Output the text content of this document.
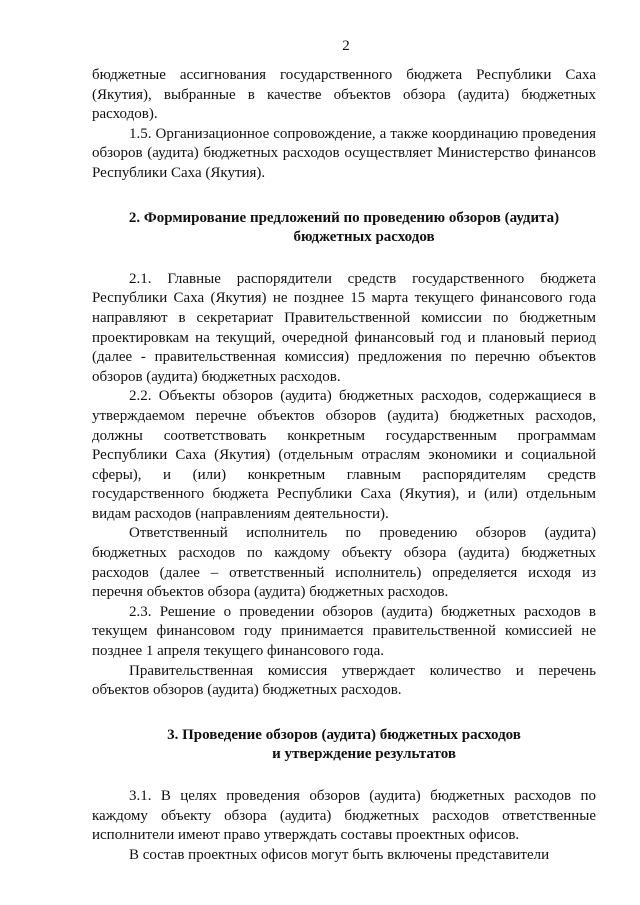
2

бюджетные ассигнования государственного бюджета Республики Саха (Якутия), выбранные в качестве объектов обзора (аудита) бюджетных расходов).

1.5. Организационное сопровождение, а также координацию проведения обзоров (аудита) бюджетных расходов осуществляет Министерство финансов Республики Саха (Якутия).

2. Формирование предложений по проведению обзоров (аудита)
бюджетных расходов

2.1. Главные распорядители средств государственного бюджета Республики Саха (Якутия) не позднее 15 марта текущего финансового года направляют в секретариат Правительственной комиссии по бюджетным проектировкам на текущий, очередной финансовый год и плановый период (далее - правительственная комиссия) предложения по перечню объектов обзоров (аудита) бюджетных расходов.

2.2. Объекты обзоров (аудита) бюджетных расходов, содержащиеся в утверждаемом перечне объектов обзоров (аудита) бюджетных расходов, должны соответствовать конкретным государственным программам Республики Саха (Якутия) (отдельным отраслям экономики и социальной сферы), и (или) конкретным главным распорядителям средств государственного бюджета Республики Саха (Якутия), и (или) отдельным видам расходов (направлениям деятельности).

Ответственный исполнитель по проведению обзоров (аудита) бюджетных расходов по каждому объекту обзора (аудита) бюджетных расходов (далее – ответственный исполнитель) определяется исходя из перечня объектов обзора (аудита) бюджетных расходов.

2.3. Решение о проведении обзоров (аудита) бюджетных расходов в текущем финансовом году принимается правительственной комиссией не позднее 1 апреля текущего финансового года.

Правительственная комиссия утверждает количество и перечень объектов обзоров (аудита) бюджетных расходов.

3. Проведение обзоров (аудита) бюджетных расходов
и утверждение результатов

3.1. В целях проведения обзоров (аудита) бюджетных расходов по каждому объекту обзора (аудита) бюджетных расходов ответственные исполнители имеют право утверждать составы проектных офисов.

В состав проектных офисов могут быть включены представители
